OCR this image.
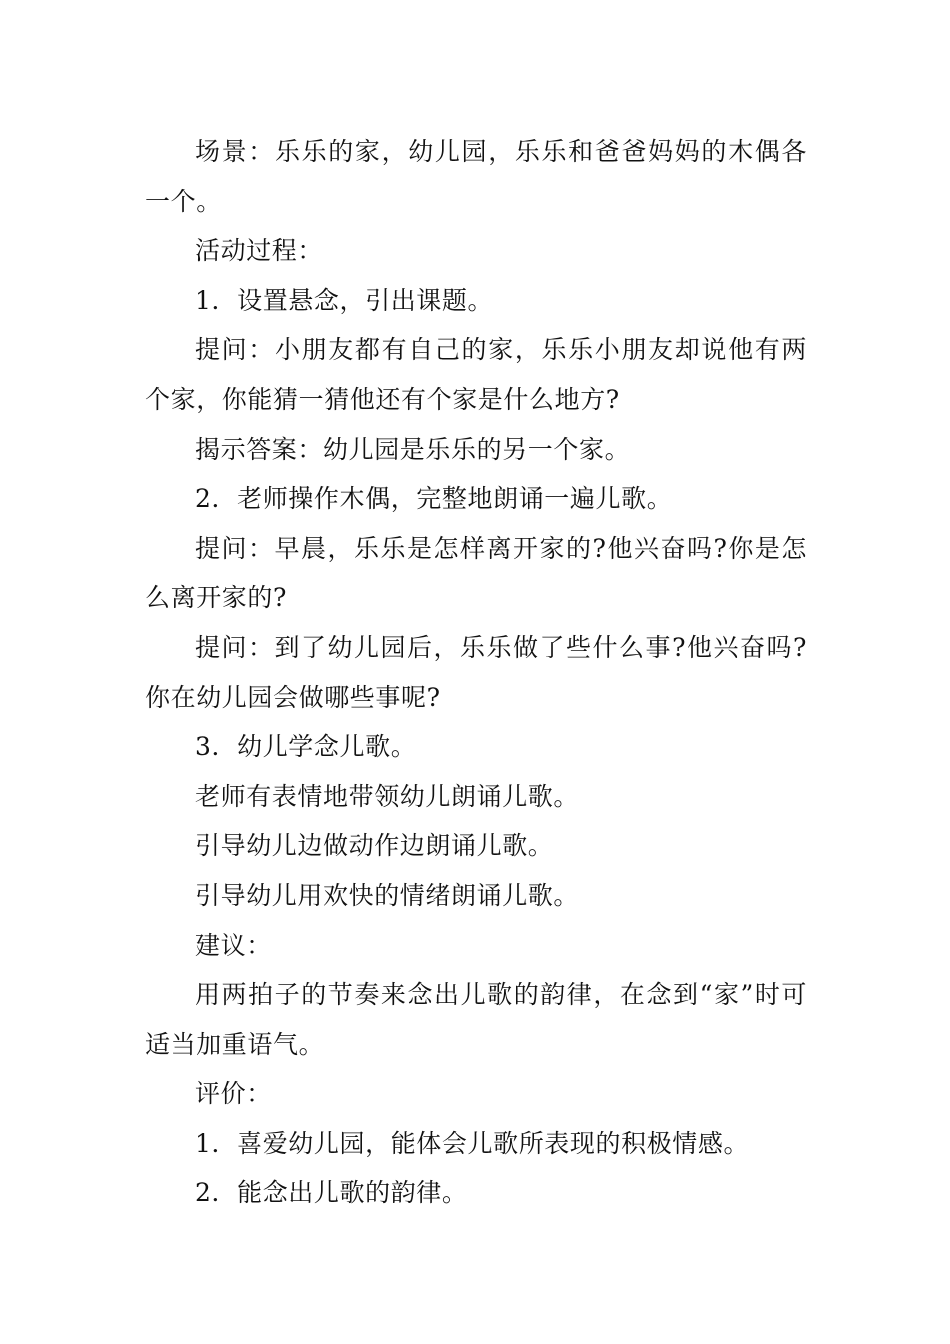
场景：乐乐的家，幼儿园，乐乐和爸爸妈妈的木偶各一个。

活动过程：

1．设置悬念，引出课题。

提问：小朋友都有自己的家，乐乐小朋友却说他有两个家，你能猜一猜他还有个家是什么地方?

揭示答案：幼儿园是乐乐的另一个家。

2．老师操作木偶，完整地朗诵一遍儿歌。

提问：早晨，乐乐是怎样离开家的?他兴奋吗?你是怎么离开家的?

提问：到了幼儿园后，乐乐做了些什么事?他兴奋吗?你在幼儿园会做哪些事呢?

3．幼儿学念儿歌。

老师有表情地带领幼儿朗诵儿歌。

引导幼儿边做动作边朗诵儿歌。

引导幼儿用欢快的情绪朗诵儿歌。

建议：

用两拍子的节奏来念出儿歌的韵律，在念到“家”时可适当加重语气。

评价：

1．喜爱幼儿园，能体会儿歌所表现的积极情感。

2．能念出儿歌的韵律。
